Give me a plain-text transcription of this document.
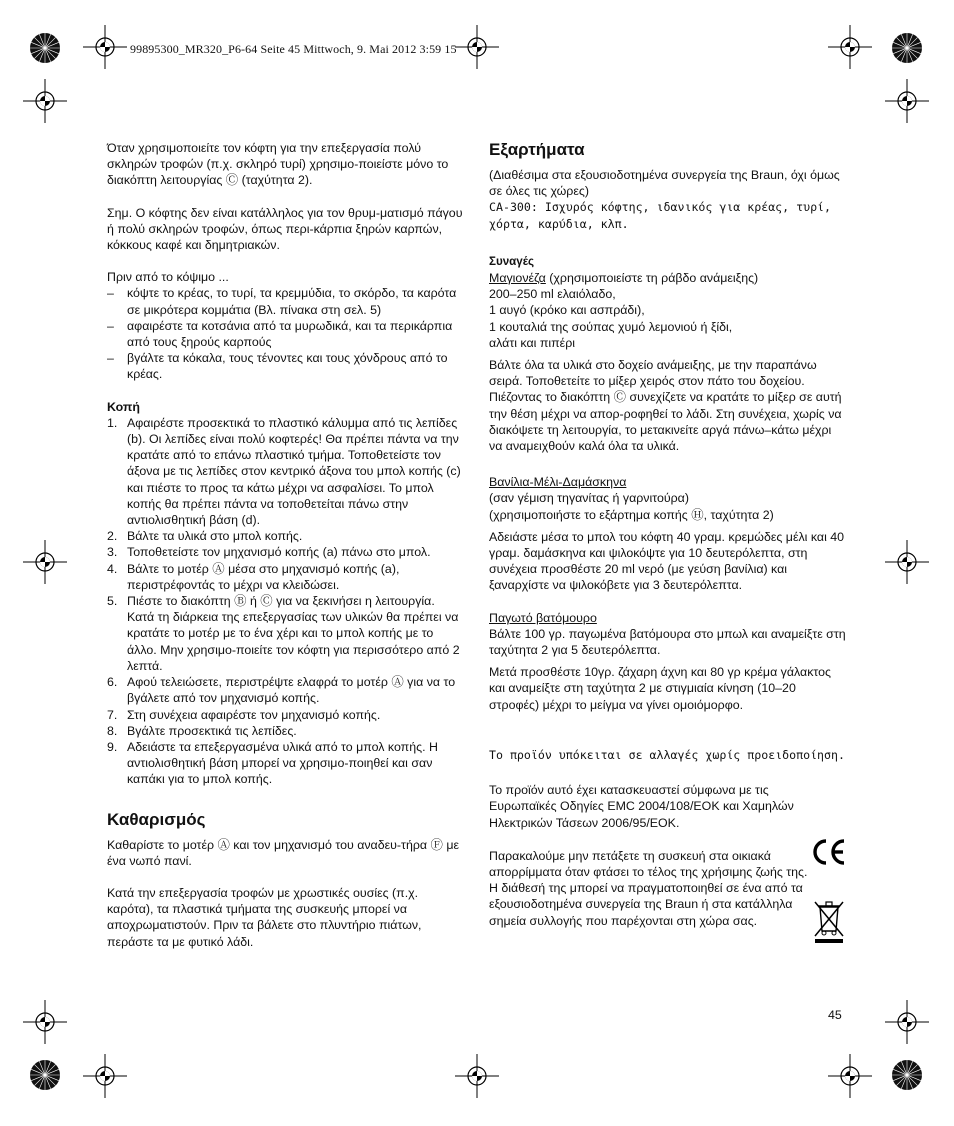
99895300_MR320_P6-64 Seite 45 Mittwoch, 9. Mai 2012 3:59 15

Όταν χρησιμοποιείτε τον κόφτη για την επεξεργασία πολύ σκληρών τροφών (π.χ. σκληρό τυρί) χρησιμο-ποιείστε μόνο το διακόπτη λειτουργίας Ⓒ (ταχύτητα 2).

Σημ. Ο κόφτης δεν είναι κατάλληλος για τον θρυμ-ματισμό πάγου ή πολύ σκληρών τροφών, όπως περι-κάρπια ξηρών καρπών, κόκκους καφέ και δημητριακών.

Πριν από το κόψιμο ...
– κόψτε το κρέας, το τυρί, τα κρεμμύδια, το σκόρδο, τα καρότα σε μικρότερα κομμάτια (Βλ. πίνακα στη σελ. 5)
– αφαιρέστε τα κοτσάνια από τα μυρωδικά, και τα περικάρπια από τους ξηρούς καρπούς
– βγάλτε τα κόκαλα, τους τένοντες και τους χόνδρους από το κρέας.
Κοπή
1. Αφαιρέστε προσεκτικά το πλαστικό κάλυμμα από τις λεπίδες (b). Οι λεπίδες είναι πολύ κοφτερές! Θα πρέπει πάντα να την κρατάτε από το επάνω πλαστικό τμήμα. Τοποθετείστε τον άξονα με τις λεπίδες στον κεντρικό άξονα του μπολ κοπής (c) και πιέστε το προς τα κάτω μέχρι να ασφαλίσει. Το μπολ κοπής θα πρέπει πάντα να τοποθετείται πάνω στην αντιολισθητική βάση (d).
2. Βάλτε τα υλικά στο μπολ κοπής.
3. Τοποθετείστε τον μηχανισμό κοπής (a) πάνω στο μπολ.
4. Βάλτε το μοτέρ Ⓐ μέσα στο μηχανισμό κοπής (a), περιστρέφοντάς το μέχρι να κλειδώσει.
5. Πιέστε το διακόπτη Ⓑ ή Ⓒ για να ξεκινήσει η λειτουργία. Κατά τη διάρκεια της επεξεργασίας των υλικών θα πρέπει να κρατάτε το μοτέρ με το ένα χέρι και το μπολ κοπής με το άλλο. Μην χρησιμο-ποιείτε τον κόφτη για περισσότερο από 2 λεπτά.
6. Αφού τελειώσετε, περιστρέψτε ελαφρά το μοτέρ Ⓐ για να το βγάλετε από τον μηχανισμό κοπής.
7. Στη συνέχεια αφαιρέστε τον μηχανισμό κοπής.
8. Βγάλτε προσεκτικά τις λεπίδες.
9. Αδειάστε τα επεξεργασμένα υλικά από το μπολ κοπής. Η αντιολισθητική βάση μπορεί να χρησιμο-ποιηθεί και σαν καπάκι για το μπολ κοπής.
Καθαρισμός

Καθαρίστε το μοτέρ Ⓐ και τον μηχανισμό του αναδευ-τήρα Ⓕ με ένα νωπό πανί.

Κατά την επεξεργασία τροφών με χρωστικές ουσίες (π.χ. καρότα), τα πλαστικά τμήματα της συσκευής μπορεί να αποχρωματιστούν. Πριν τα βάλετε στο πλυντήριο πιάτων, περάστε τα με φυτικό λάδι.

Εξαρτήματα
(Διαθέσιμα στα εξουσιοδοτημένα συνεργεία της Braun, όχι όμως σε όλες τις χώρες)

CA-300: Ισχυρός κόφτης, ιδανικός για κρέας, τυρί, χόρτα, καρύδια, κλπ.

Συναγές
Μαγιονέζα (χρησιμοποιείστε τη ράβδο ανάμειξης)
200–250 ml ελαιόλαδο,
1 αυγό (κρόκο και ασπράδι),
1 κουταλιά της σούπας χυμό λεμονιού ή ξίδι,

αλάτι και πιπέρι

Βάλτε όλα τα υλικά στο δοχείο ανάμειξης, με την παραπάνω σειρά. Τοποθετείτε το μίξερ χειρός στον πάτο του δοχείου. Πιέζοντας το διακόπτη Ⓒ συνεχίζετε να κρατάτε το μίξερ σε αυτή την θέση μέχρι να απορ-ροφηθεί το λάδι. Στη συνέχεια, χωρίς να διακόψετε τη λειτουργία, το μετακινείτε αργά πάνω–κάτω μέχρι να αναμειχθούν καλά όλα τα υλικά.

Βανίλια-Μέλι-Δαμάσκηνα
(σαν γέμιση τηγανίτας ή γαρνιτούρα)

(χρησιμοποιήστε το εξάρτημα κοπής Ⓗ, ταχύτητα 2)

Αδειάστε μέσα το μπολ του κόφτη 40 γραμ. κρεμώδες μέλι και 40 γραμ. δαμάσκηνα και ψιλοκόψτε για 10 δευτερόλεπτα, στη συνέχεια προσθέστε 20 ml νερό (με γεύση βανίλια) και ξαναρχίστε να ψιλοκόβετε για 3 δευτερόλεπτα.

Παγωτό βατόμουρο

Βάλτε 100 γρ. παγωμένα βατόμουρα στο μπωλ και αναμείξτε στη ταχύτητα 2 για 5 δευτερόλεπτα.

Μετά προσθέστε 10γρ. ζάχαρη άχνη και 80 γρ κρέμα γάλακτος και αναμείξτε στη ταχύτητα 2 με στιγμιαία κίνηση (10–20 στροφές) μέχρι το μείγμα να γίνει ομοιόμορφο.

Το προϊόν υπόκειται σε αλλαγές χωρίς προειδοποίηση.

Το προϊόν αυτό έχει κατασκευαστεί σύμφωνα με τις Ευρωπαϊκές Οδηγίες EMC 2004/108/EOK και Χαμηλών Ηλεκτρικών Τάσεων 2006/95/EOK.

Παρακαλούμε μην πετάξετε τη συσκευή στα οικιακά απορρίμματα όταν φτάσει το τέλος της χρήσιμης ζωής της. Η διάθεσή της μπορεί να πραγματοποιηθεί σε ένα από τα εξουσιοδοτημένα συνεργεία της Braun ή στα κατάλληλα σημεία συλλογής που παρέχονται στη χώρα σας.

CE
45
